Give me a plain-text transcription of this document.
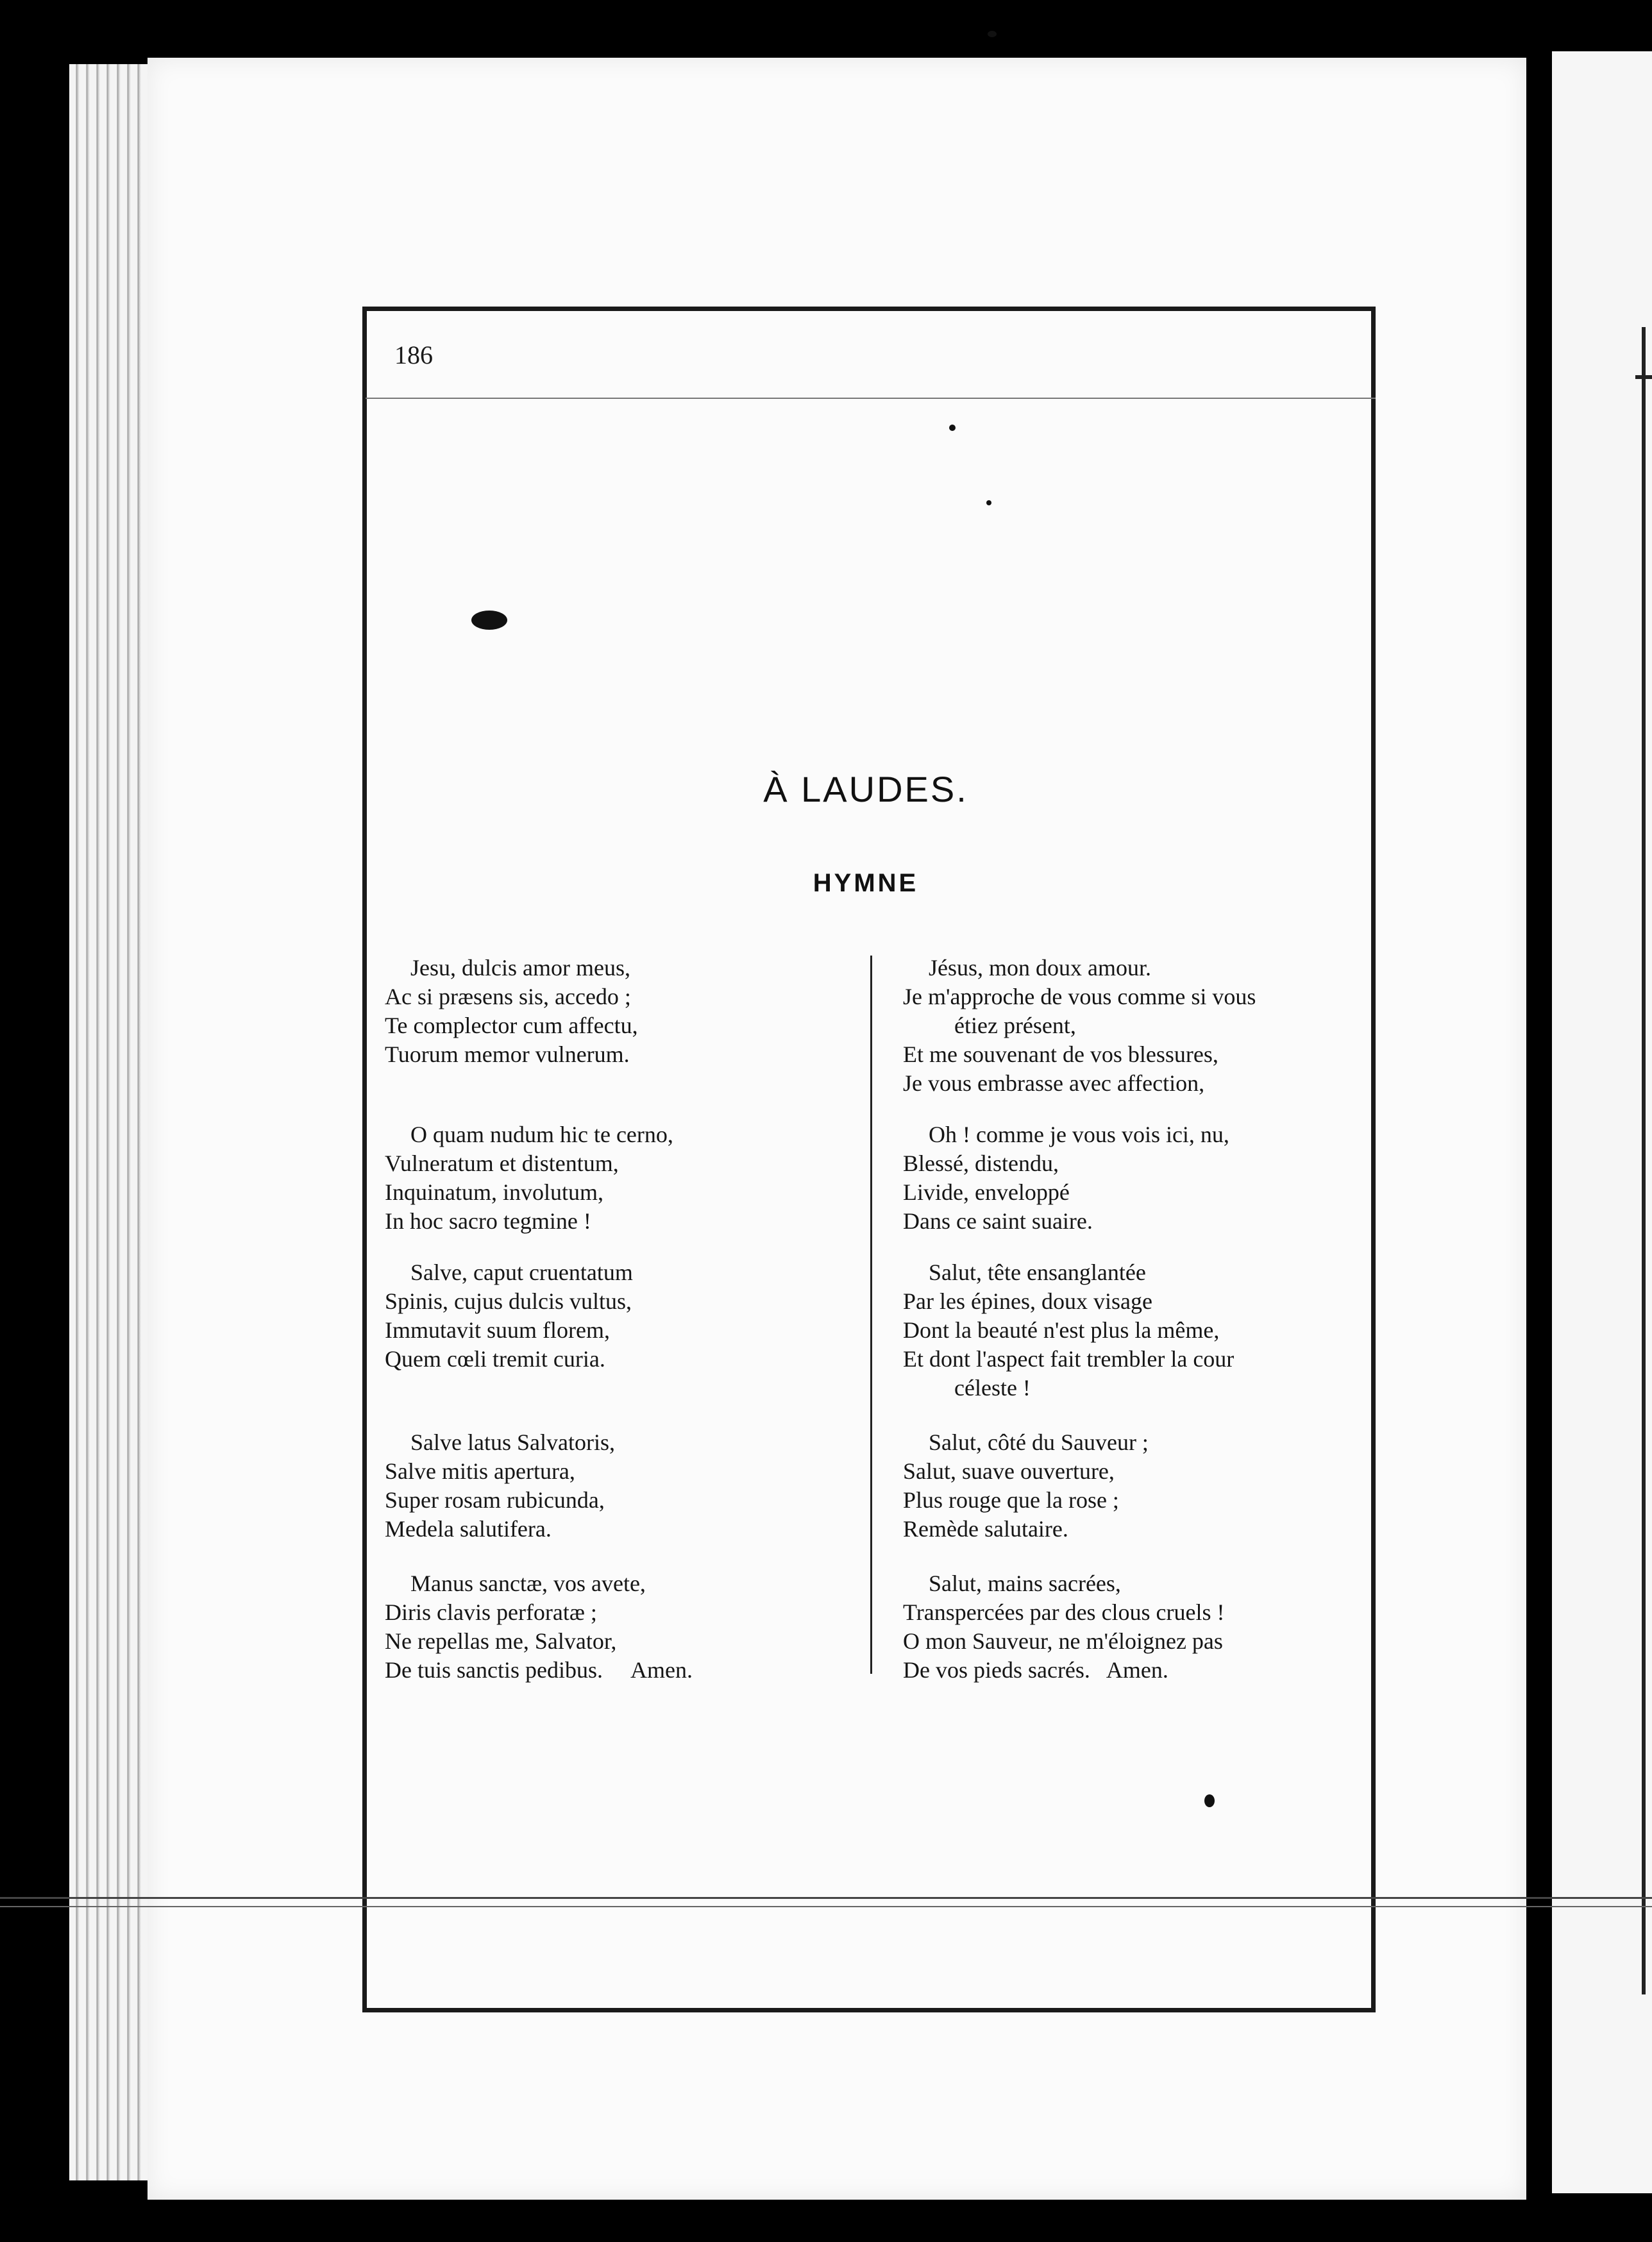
186
À LAUDES.
HYMNE
Jesu, dulcis amor meus,
Ac si præsens sis, accedo ;
Te complector cum affectu,
Tuorum memor vulnerum.
O quam nudum hic te cerno,
Vulneratum et distentum,
Inquinatum, involutum,
In hoc sacro tegmine !
Salve, caput cruentatum
Spinis, cujus dulcis vultus,
Immutavit suum florem,
Quem cœli tremit curia.
Salve latus Salvatoris,
Salve mitis apertura,
Super rosam rubicunda,
Medela salutifera.
Manus sanctæ, vos avete,
Diris clavis perforatæ ;
Ne repellas me, Salvator,
De tuis sanctis pedibus.     Amen.
Jésus, mon doux amour.
Je m'approche de vous comme si vous
étiez présent,
Et me souvenant de vos blessures,
Je vous embrasse avec affection,
Oh ! comme je vous vois ici, nu,
Blessé, distendu,
Livide, enveloppé
Dans ce saint suaire.
Salut, tête ensanglantée
Par les épines, doux visage
Dont la beauté n'est plus la même,
Et dont l'aspect fait trembler la cour
céleste !
Salut, côté du Sauveur ;
Salut, suave ouverture,
Plus rouge que la rose ;
Remède salutaire.
Salut, mains sacrées,
Transpercées par des clous cruels !
O mon Sauveur, ne m'éloignez pas
De vos pieds sacrés.   Amen.
